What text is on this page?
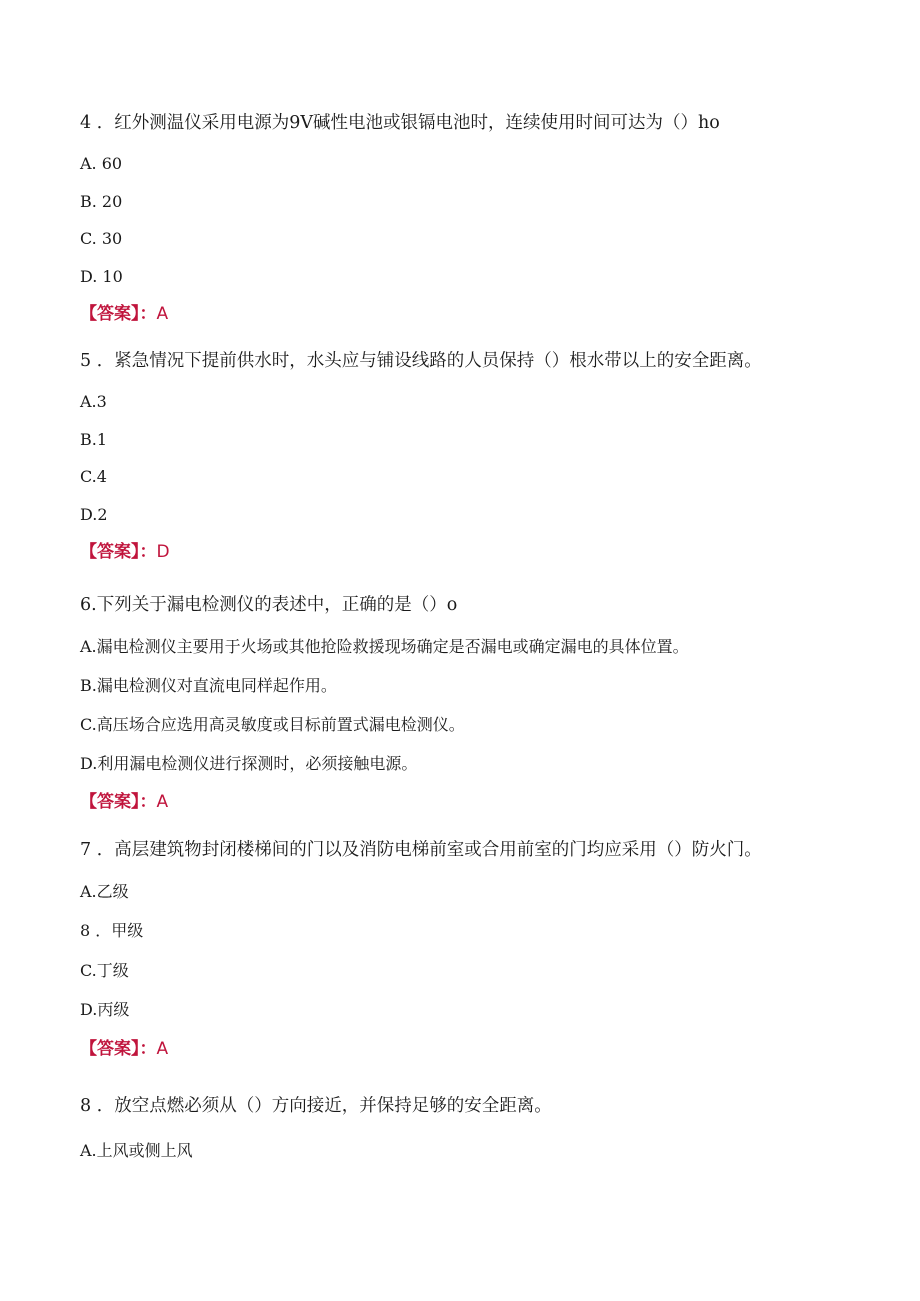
4 ．红外测温仪采用电源为9V碱性电池或银镉电池时，连续使用时间可达为（）ho
A. 60
B. 20
C. 30
D. 10
【答案】：A
5 ．紧急情况下提前供水时，水头应与铺设线路的人员保持（）根水带以上的安全距离。
A.3
B.1
C.4
D.2
【答案】：D
6.下列关于漏电检测仪的表述中，正确的是（）o
A.漏电检测仪主要用于火场或其他抢险救援现场确定是否漏电或确定漏电的具体位置。
B.漏电检测仪对直流电同样起作用。
C.高压场合应选用高灵敏度或目标前置式漏电检测仪。
D.利用漏电检测仪进行探测时，必须接触电源。
【答案】：A
7 ．高层建筑物封闭楼梯间的门以及消防电梯前室或合用前室的门均应采用（）防火门。
A.乙级
8 ．甲级
C.丁级
D.丙级
【答案】：A
8 ．放空点燃必须从（）方向接近，并保持足够的安全距离。
A.上风或侧上风
